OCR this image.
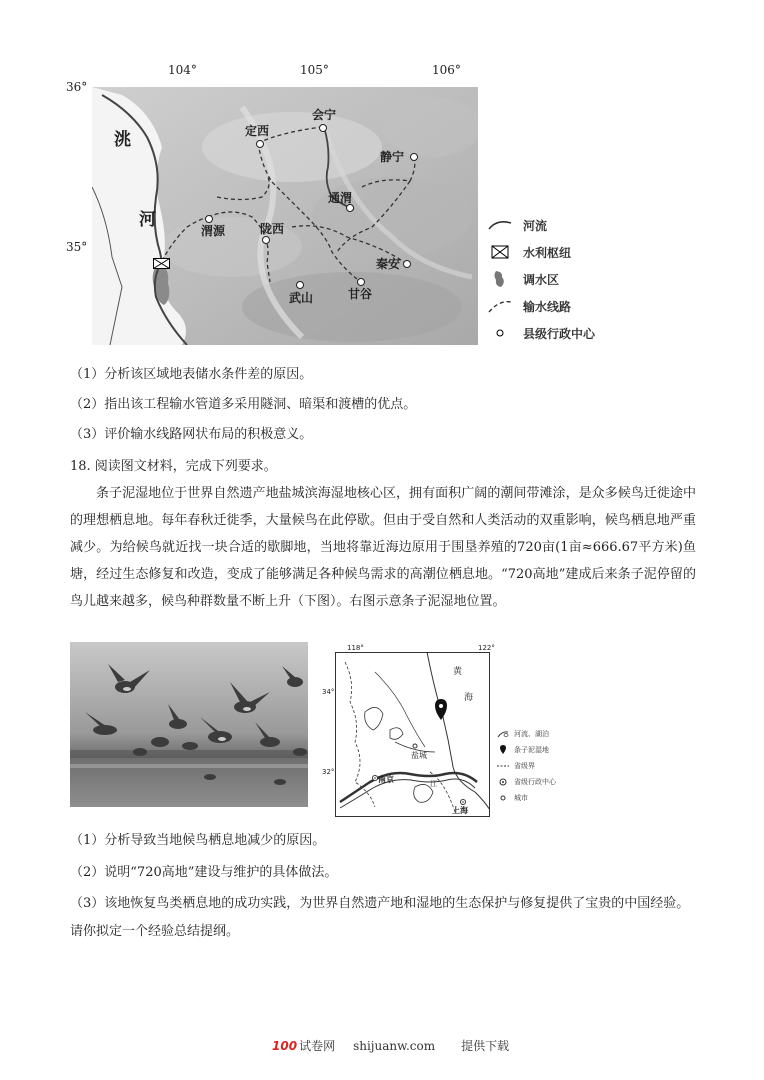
104°	105°	106°
36°
35°
洮
河
定西
会宁
静宁
通渭
渭源	陇西
秦安
武山	甘谷
河流
水利枢纽
调水区
输水线路
县级行政中心
（1）分析该区域地表储水条件差的原因。
（2）指出该工程输水管道多采用隧洞、暗渠和渡槽的优点。
（3）评价输水线路网状布局的积极意义。
18. 阅读图文材料，完成下列要求。
条子泥湿地位于世界自然遗产地盐城滨海湿地核心区，拥有面积广阔的潮间带滩涂，是众多候鸟迁徙途中的理想栖息地。每年春秋迁徙季，大量候鸟在此停歇。但由于受自然和人类活动的双重影响，候鸟栖息地严重减少。为给候鸟就近找一块合适的歇脚地，当地将靠近海边原用于围垦养殖的720亩(1亩≈666.67平方米)鱼塘，经过生态修复和改造，变成了能够满足各种候鸟需求的高潮位栖息地。“720高地”建成后来条子泥停留的鸟儿越来越多，候鸟种群数量不断上升（下图）。右图示意条子泥湿地位置。
118°	122°
34°
32°
黄
海
盐城
南京	江
上海
河流、湖泊
条子泥湿地
省级界
省级行政中心
城市
（1）分析导致当地候鸟栖息地减少的原因。
（2）说明“720高地”建设与维护的具体做法。
（3）该地恢复鸟类栖息地的成功实践，为世界自然遗产地和湿地的生态保护与修复提供了宝贵的中国经验。请你拟定一个经验总结提纲。
100 试卷网 shijuanw.com 提供下载
